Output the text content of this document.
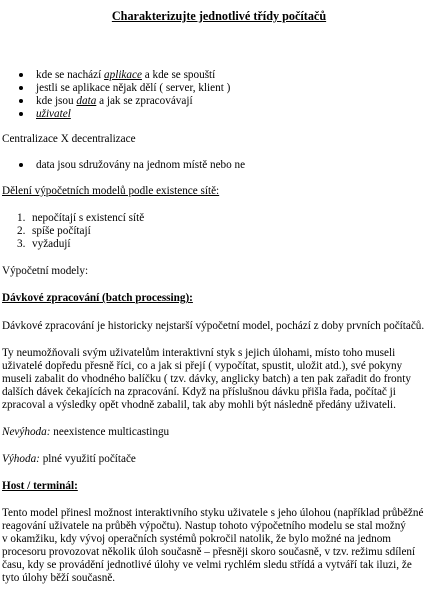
Charakterizujte jednotlivé třídy počítačů
kde se nachází aplikace a kde se spouští
jestli se aplikace nějak dělí ( server, klient )
kde jsou data a jak se zpracovávají
uživatel

Centralizace X decentralizace

data jsou sdružovány na jednom místě nebo ne

Dělení výpočetních modelů podle existence sítě:

1. nepočítají s existencí sítě
2. spíše počítají
3. vyžadují

Výpočetní modely:

Dávkové zpracování (batch processing):

Dávkové zpracování je historicky nejstarší výpočetní model, pochází z doby prvních počítačů.

Ty neumožňovali svým uživatelům interaktivní styk s jejich úlohami, místo toho museli
uživatelé dopředu přesně říci, co a jak si přejí ( vypočítat, spustit, uložit atd.), své pokyny
museli zabalit do vhodného balíčku ( tzv. dávky, anglicky batch) a ten pak zařadit do fronty
dalších dávek čekajících na zpracování. Když na příslušnou dávku přišla řada, počítač ji
zpracoval a výsledky opět vhodně zabalil, tak aby mohli být následně předány uživateli.

Nevýhoda: neexistence multicastingu

Výhoda: plné využití počítače

Host / terminál:

Tento model přinesl možnost interaktivního styku uživatele s jeho úlohou (například průběžné
reagování uživatele na průběh výpočtu). Nastup tohoto výpočetního modelu se stal možný
v okamžiku, kdy vývoj operačních systémů pokročil natolik, že bylo možné na jednom
procesoru provozovat několik úloh současně – přesněji skoro současně, v tzv. režimu sdílení
času, kdy se provádění jednotlivé úlohy ve velmi rychlém sledu střídá a vytváří tak iluzi, že
tyto úlohy běží současně.
